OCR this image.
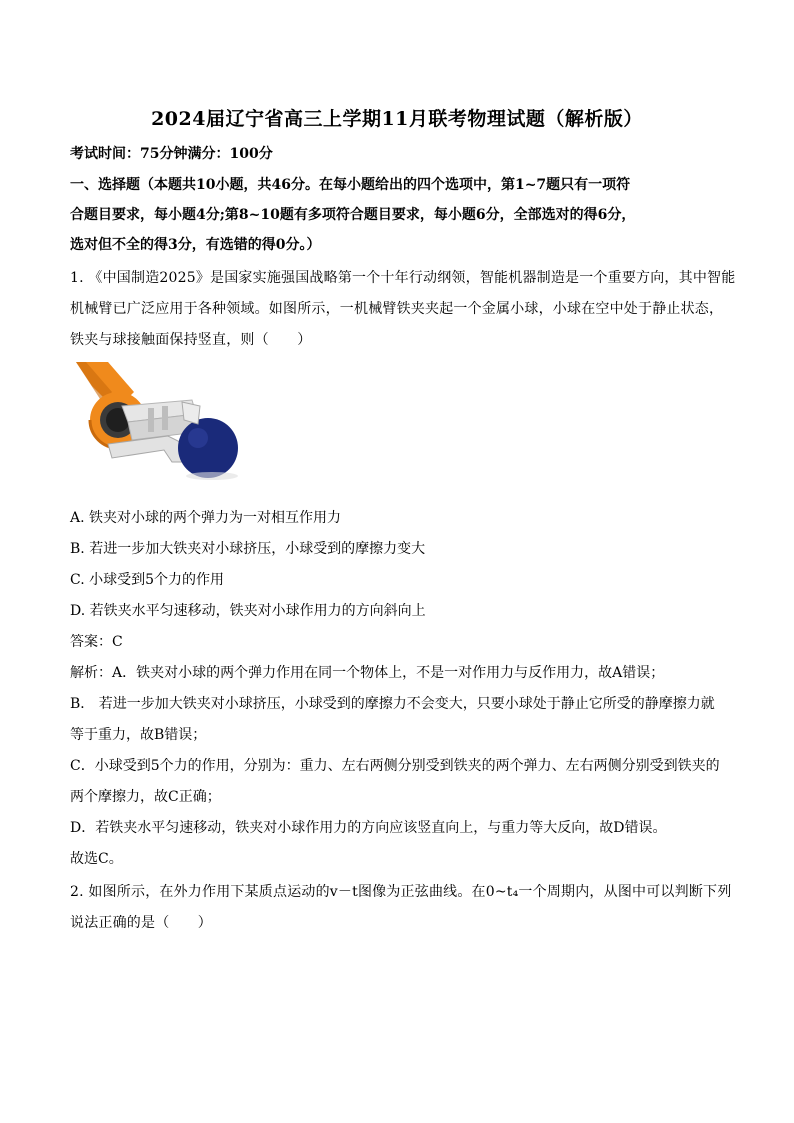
2024届辽宁省高三上学期11月联考物理试题（解析版）
考试时间：75分钟满分：100分
一、选择题（本题共10小题，共46分。在每小题给出的四个选项中，第1~7题只有一项符
合题目要求，每小题4分;第8~10题有多项符合题目要求，每小题6分，全部选对的得6分，
选对但不全的得3分，有选错的得0分。）
1. 《中国制造2025》是国家实施强国战略第一个十年行动纲领，智能机器制造是一个重要方向，其中智能
机械臂已广泛应用于各种领域。如图所示，一机械臂铁夹夹起一个金属小球，小球在空中处于静止状态，
铁夹与球接触面保持竖直，则（　　）
A. 铁夹对小球的两个弹力为一对相互作用力
B. 若进一步加大铁夹对小球挤压，小球受到的摩擦力变大
C. 小球受到5个力的作用
D. 若铁夹水平匀速移动，铁夹对小球作用力的方向斜向上
答案：C
解析：A．铁夹对小球的两个弹力作用在同一个物体上，不是一对作用力与反作用力，故A错误；
B． 若进一步加大铁夹对小球挤压，小球受到的摩擦力不会变大，只要小球处于静止它所受的静摩擦力就
等于重力，故B错误；
C．小球受到5个力的作用，分别为：重力、左右两侧分别受到铁夹的两个弹力、左右两侧分别受到铁夹的
两个摩擦力，故C正确；
D．若铁夹水平匀速移动，铁夹对小球作用力的方向应该竖直向上，与重力等大反向，故D错误。
故选C。
2. 如图所示，在外力作用下某质点运动的v－t图像为正弦曲线。在0~t₄一个周期内，从图中可以判断下列
说法正确的是（　　）
